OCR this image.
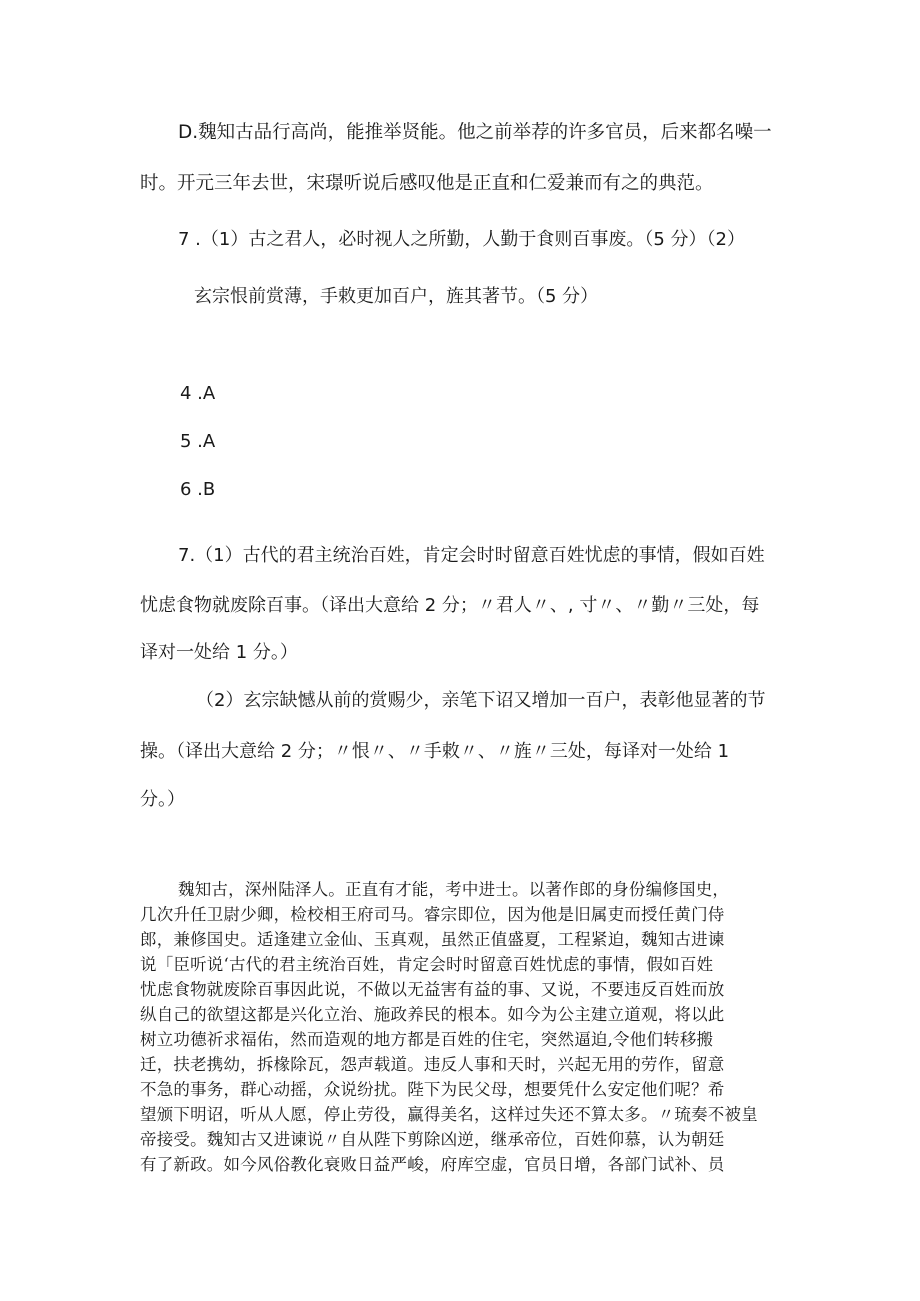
D.魏知古品行高尚，能推举贤能。他之前举荐的许多官员，后来都名噪一
时。开元三年去世，宋璟听说后感叹他是正直和仁爱兼而有之的典范。
7 .（1）古之君人，必时视人之所勤，人勤于食则百事废。（5 分）（2）
玄宗恨前赏薄，手敕更加百户，旌其著节。（5 分）
4 .A
5 .A
6 .B
7.（1）古代的君主统治百姓，肯定会时时留意百姓忧虑的事情，假如百姓
忧虑食物就废除百事。（译出大意给 2 分；〃君人〃、, 寸〃、〃勤〃三处，每
译对一处给 1 分。）
（2）玄宗缺憾从前的赏赐少，亲笔下诏又增加一百户，表彰他显著的节
操。（译出大意给 2 分；〃恨〃、〃手敕〃、〃旌〃三处，每译对一处给 1
分。）
魏知古，深州陆泽人。正直有才能，考中进士。以著作郎的身份编修国史，
几次升任卫尉少卿，检校相王府司马。睿宗即位，因为他是旧属吏而授任黄门侍
郎，兼修国史。适逢建立金仙、玉真观，虽然正值盛夏，工程紧迫，魏知古进谏
说「臣听说‘古代的君主统治百姓，肯定会时时留意百姓忧虑的事情，假如百姓
忧虑食物就废除百事因此说，不做以无益害有益的事、又说，不要违反百姓而放
纵自己的欲望这都是兴化立治、施政养民的根本。如今为公主建立道观，将以此
树立功德祈求福佑，然而造观的地方都是百姓的住宅，突然逼迫,令他们转移搬
迁，扶老携幼，拆椽除瓦，怨声载道。违反人事和天时，兴起无用的劳作，留意
不急的事务，群心动摇，众说纷扰。陛下为民父母，想要凭什么安定他们呢？希
望颁下明诏，听从人愿，停止劳役，赢得美名，这样过失还不算太多。〃琉奏不被皇
帝接受。魏知古又进谏说〃自从陛下剪除凶逆，继承帝位，百姓仰慕，认为朝廷
有了新政。如今风俗教化衰败日益严峻，府库空虚，官员日增，各部门试补、员
